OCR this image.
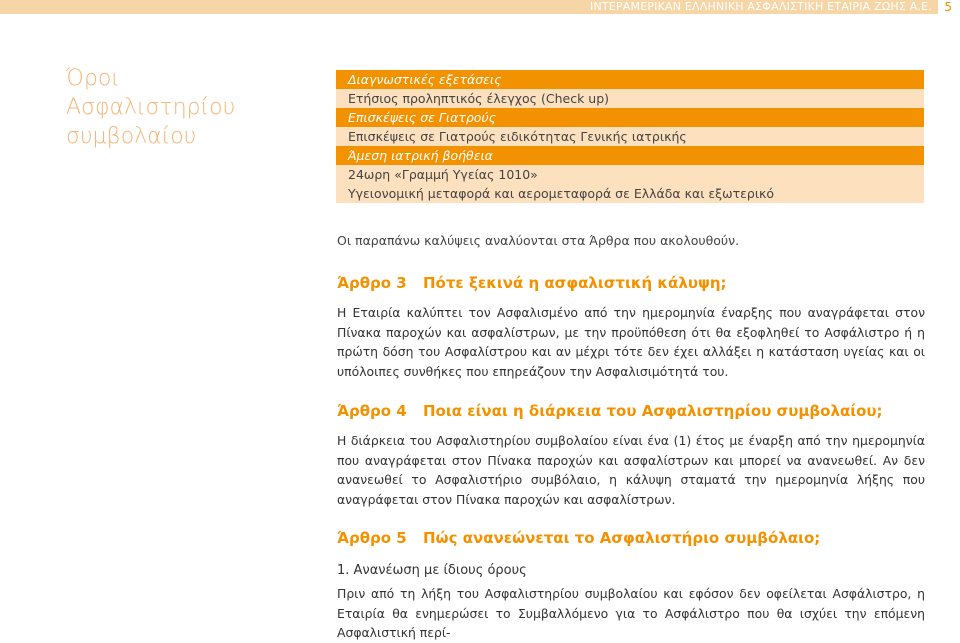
ΙΝΤΕΡΑΜΕΡΙΚΑΝ ΕΛΛΗΝΙΚΗ ΑΣΦΑΛΙΣΤΙΚΗ ΕΤΑΙΡΙΑ ΖΩΗΣ Α.Ε. 5
Όροι Ασφαλιστηρίου συμβολαίου
Διαγνωστικές εξετάσεις
Ετήσιος προληπτικός έλεγχος (Check up)
Επισκέψεις σε Γιατρούς
Επισκέψεις σε Γιατρούς ειδικότητας Γενικής ιατρικής
Άμεση ιατρική βοήθεια
24ωρη «Γραμμή Υγείας 1010»
Υγειονομική μεταφορά και αερομεταφορά σε Ελλάδα και εξωτερικό
Οι παραπάνω καλύψεις αναλύονται στα Άρθρα που ακολουθούν.
Άρθρο 3 Πότε ξεκινά η ασφαλιστική κάλυψη;
Η Εταιρία καλύπτει τον Ασφαλισμένο από την ημερομηνία έναρξης που αναγράφεται στον Πίνακα παροχών και ασφαλίστρων, με την προϋπόθεση ότι θα εξοφληθεί το Ασφάλιστρο ή η πρώτη δόση του Ασφαλίστρου και αν μέχρι τότε δεν έχει αλλάξει η κατάσταση υγείας και οι υπόλοιπες συνθήκες που επηρεάζουν την Ασφαλισιμότητά του.
Άρθρο 4 Ποια είναι η διάρκεια του Ασφαλιστηρίου συμβολαίου;
Η διάρκεια του Ασφαλιστηρίου συμβολαίου είναι ένα (1) έτος με έναρξη από την ημερομηνία που αναγράφεται στον Πίνακα παροχών και ασφαλίστρων και μπορεί να ανανεωθεί. Αν δεν ανανεωθεί το Ασφαλιστήριο συμβόλαιο, η κάλυψη σταματά την ημερομηνία λήξης που αναγράφεται στον Πίνακα παροχών και ασφαλίστρων.
Άρθρο 5 Πώς ανανεώνεται το Ασφαλιστήριο συμβόλαιο;
1. Ανανέωση με ίδιους όρους
Πριν από τη λήξη του Ασφαλιστηρίου συμβολαίου και εφόσον δεν οφείλεται Ασφάλιστρο, η Εταιρία θα ενημερώσει το Συμβαλλόμενο για το Ασφάλιστρο που θα ισχύει την επόμενη Ασφαλιστική περί-
